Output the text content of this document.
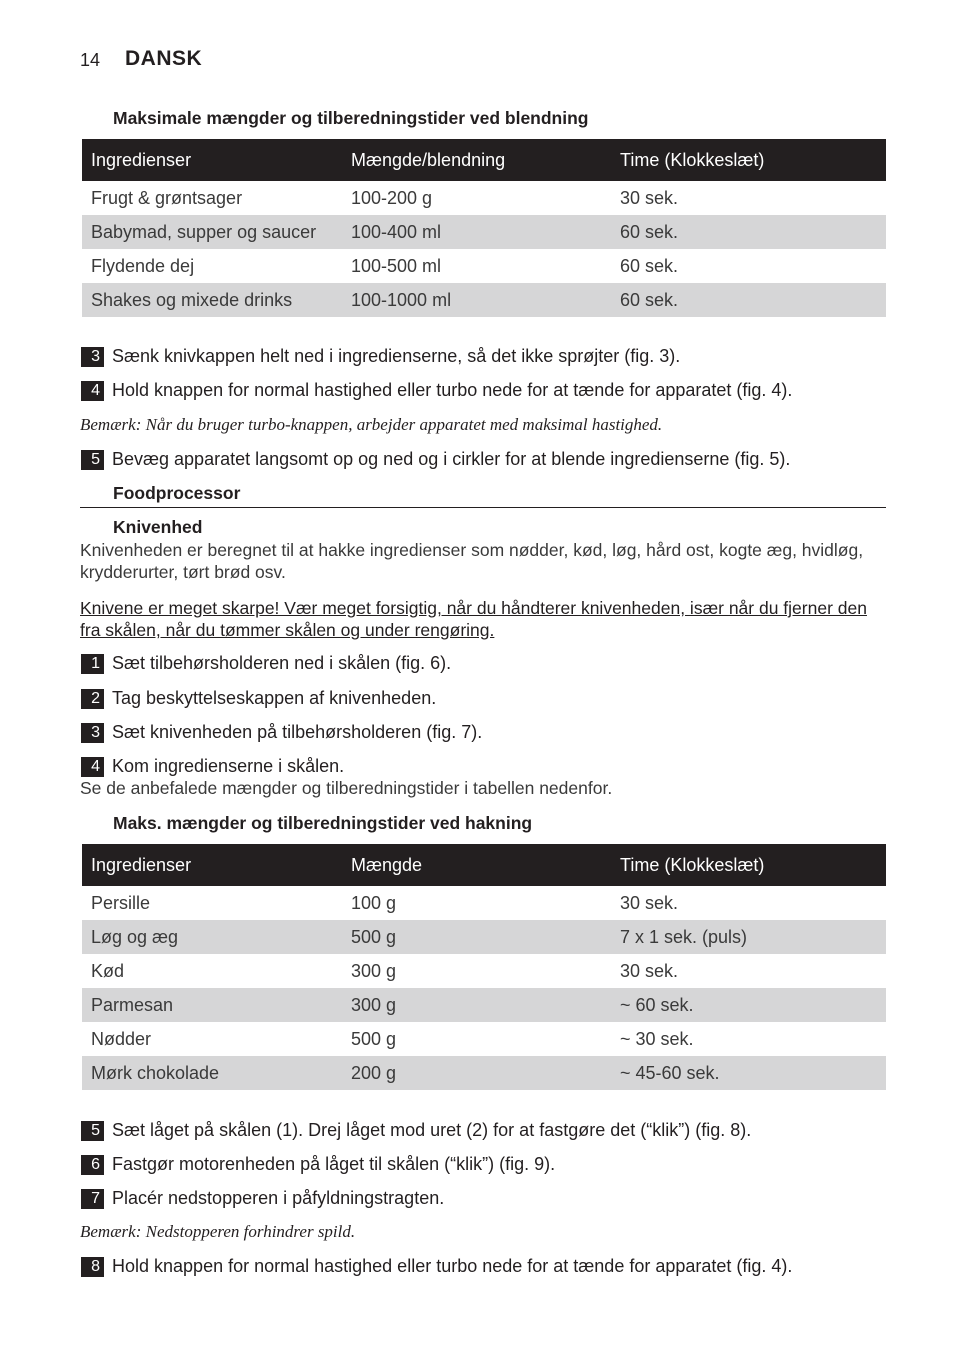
14 DANSK
Maksimale mængder og tilberedningstider ved blendning
Ingredienser	Mængde/blendning	Time (Klokkeslæt)
Frugt & grøntsager	100-200 g	30 sek.
Babymad, supper og saucer	100-400 ml	60 sek.
Flydende dej	100-500 ml	60 sek.
Shakes og mixede drinks	100-1000 ml	60 sek.
3 Sænk knivkappen helt ned i ingredienserne, så det ikke sprøjter (fig. 3).
4 Hold knappen for normal hastighed eller turbo nede for at tænde for apparatet (fig. 4).
Bemærk: Når du bruger turbo-knappen, arbejder apparatet med maksimal hastighed.
5 Bevæg apparatet langsomt op og ned og i cirkler for at blende ingredienserne (fig. 5).
Foodprocessor
Knivenhed
Knivenheden er beregnet til at hakke ingredienser som nødder, kød, løg, hård ost, kogte æg, hvidløg, krydderurter, tørt brød osv.
Knivene er meget skarpe! Vær meget forsigtig, når du håndterer knivenheden, især når du fjerner den fra skålen, når du tømmer skålen og under rengøring.
1 Sæt tilbehørsholderen ned i skålen (fig. 6).
2 Tag beskyttelseskappen af knivenheden.
3 Sæt knivenheden på tilbehørsholderen (fig. 7).
4 Kom ingredienserne i skålen.
Se de anbefalede mængder og tilberedningstider i tabellen nedenfor.
Maks. mængder og tilberedningstider ved hakning
Ingredienser	Mængde	Time (Klokkeslæt)
Persille	100 g	30 sek.
Løg og æg	500 g	7 x 1 sek. (puls)
Kød	300 g	30 sek.
Parmesan	300 g	~ 60 sek.
Nødder	500 g	~ 30 sek.
Mørk chokolade	200 g	~ 45-60 sek.
5 Sæt låget på skålen (1). Drej låget mod uret (2) for at fastgøre det (“klik”) (fig. 8).
6 Fastgør motorenheden på låget til skålen (“klik”) (fig. 9).
7 Placér nedstopperen i påfyldningstragten.
Bemærk: Nedstopperen forhindrer spild.
8 Hold knappen for normal hastighed eller turbo nede for at tænde for apparatet (fig. 4).
